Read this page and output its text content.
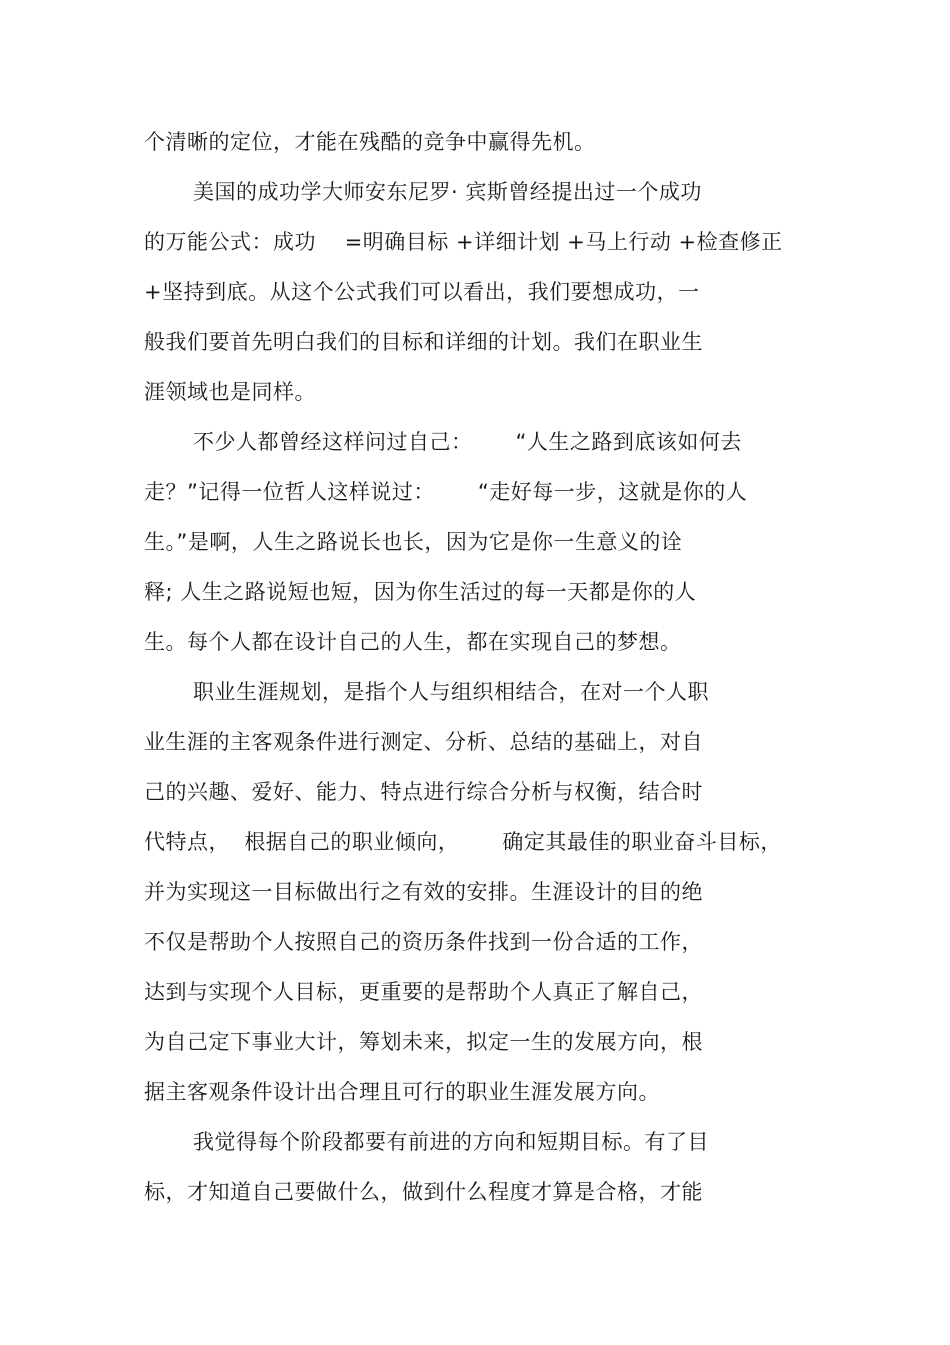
个清晰的定位，才能在残酷的竞争中赢得先机。

美国的成功学大师安东尼罗· 宾斯曾经提出过一个成功

的万能公式：成功    =明确目标 +详细计划 +马上行动 +检查修正

+坚持到底。从这个公式我们可以看出，我们要想成功，一

般我们要首先明白我们的目标和详细的计划。我们在职业生

涯领域也是同样。

不少人都曾经这样问过自己：      “人生之路到底该如何去

走？”记得一位哲人这样说过：      “走好每一步，这就是你的人

生。”是啊，人生之路说长也长，因为它是你一生意义的诠

释; 人生之路说短也短，因为你生活过的每一天都是你的人

生。每个人都在设计自己的人生，都在实现自己的梦想。

职业生涯规划，是指个人与组织相结合，在对一个人职

业生涯的主客观条件进行测定、分析、总结的基础上，对自

己的兴趣、爱好、能力、特点进行综合分析与权衡，结合时

代特点，  根据自己的职业倾向，      确定其最佳的职业奋斗目标，

并为实现这一目标做出行之有效的安排。生涯设计的目的绝

不仅是帮助个人按照自己的资历条件找到一份合适的工作，

达到与实现个人目标，更重要的是帮助个人真正了解自己，

为自己定下事业大计，筹划未来，拟定一生的发展方向，根

据主客观条件设计出合理且可行的职业生涯发展方向。

我觉得每个阶段都要有前进的方向和短期目标。有了目

标，才知道自己要做什么，做到什么程度才算是合格，才能
